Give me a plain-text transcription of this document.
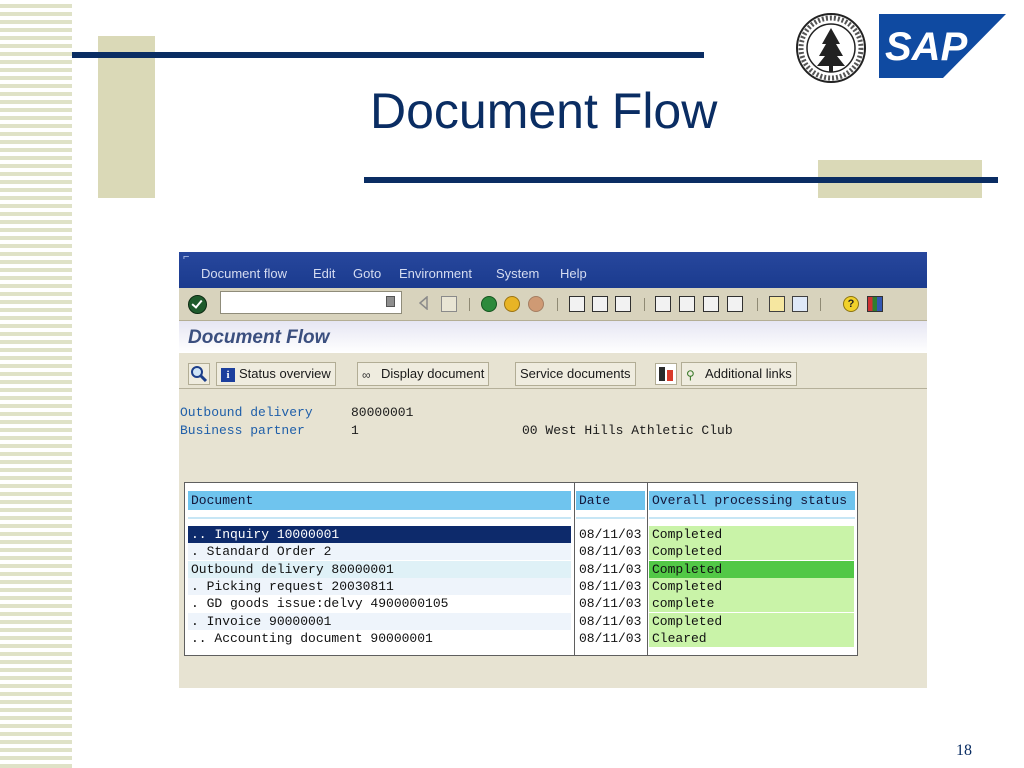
Document Flow
SAP
18
⌐
Document flow Edit Goto Environment System Help
?
Document Flow
i Status overview	∞ Display document	Service documents	⚲ Additional links
Outbound delivery	80000001
Business partner	1	00 West Hills Athletic Club
Document	Date	Overall processing status
.. Inquiry 10000001	08/11/03 Completed
. Standard Order 2	08/11/03 Completed
Outbound delivery 80000001	08/11/03 Completed
. Picking request 20030811	08/11/03 Completed
. GD goods issue:delvy 4900000105	08/11/03 complete
. Invoice 90000001	08/11/03 Completed
.. Accounting document 90000001	08/11/03 Cleared
